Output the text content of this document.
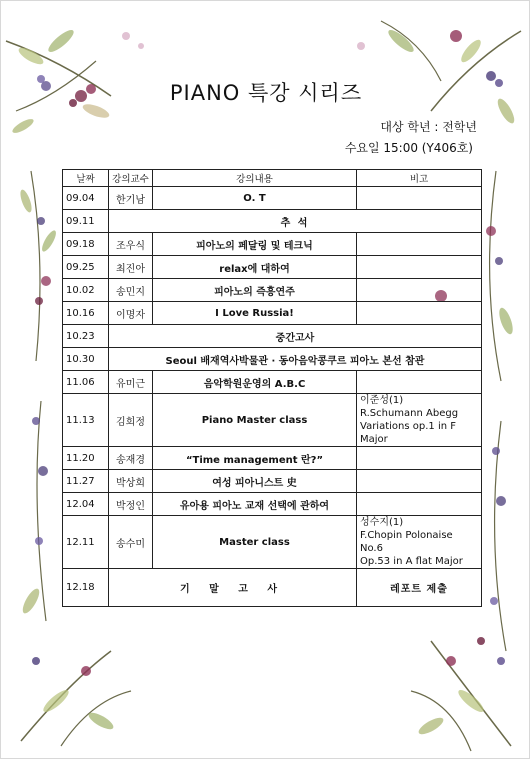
PIANO 특강 시리즈
대상 학년 : 전학년
수요일 15:00 (Y406호)
날짜	강의교수	강의내용	비고
09.04	한기남	O. T	
09.11	추 석		
09.18	조우식	피아노의 페달링 및 테크닉	
09.25	최진아	relax에 대하여	
10.02	송민지	피아노의 즉흥연주	
10.16	이명자	I Love Russia!	
10.23	중간고사		
10.30	Seoul 배재역사박물관 · 동아음악콩쿠르 피아노 본선 참관		
11.06	유미근	음악학원운영의 A.B.C	
11.13	김희정	Piano Master class	이준성(1)
R.Schumann Abegg
Variations op.1 in F Major

11.20	송재경	“Time management 란?”	
11.27	박상희	여성 피아니스트 史	
12.04	박정인	유아용 피아노 교재 선택에 관하여	
12.11	송수미	Master class	성수지(1)
F.Chopin Polonaise No.6
Op.53 in A flat Major

12.18	기 말 고 사		레포트 제출
